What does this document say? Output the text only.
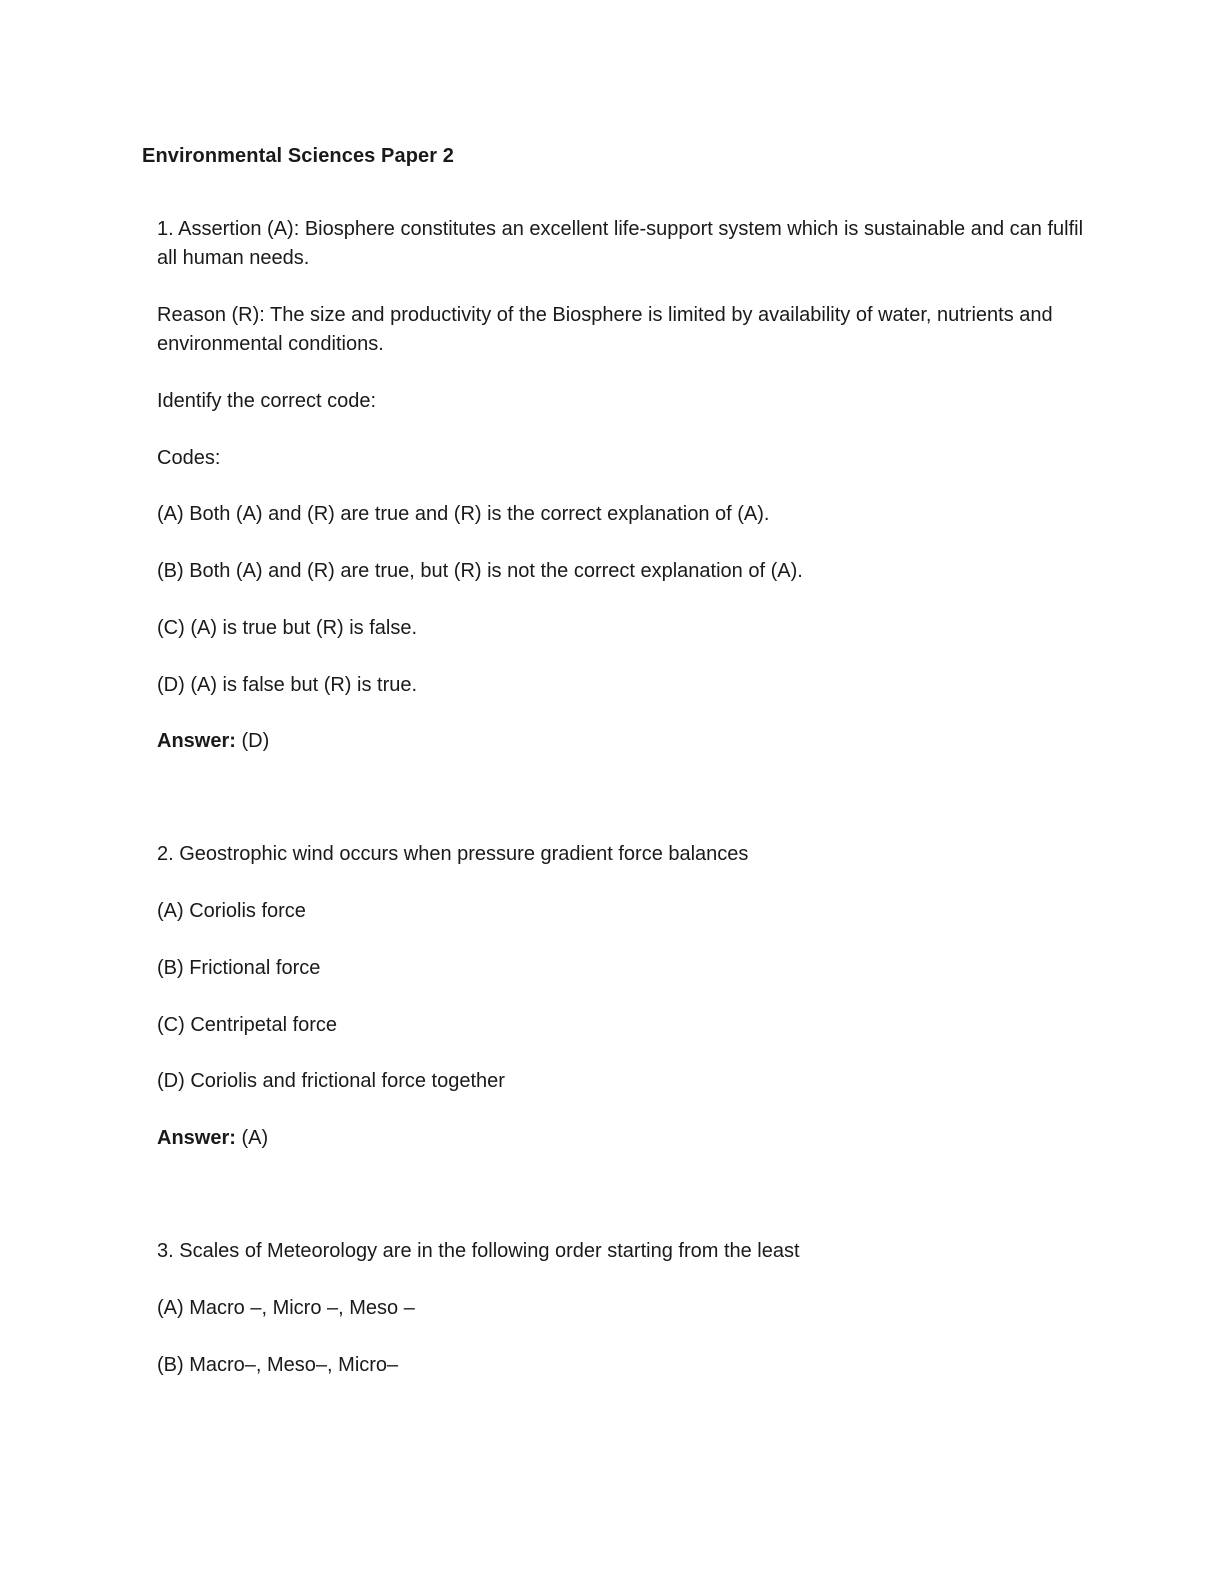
Environmental Sciences Paper 2
1. Assertion (A): Biosphere constitutes an excellent life-support system which is sustainable and can fulfil all human needs.
Reason (R): The size and productivity of the Biosphere is limited by availability of water, nutrients and environmental conditions.
Identify the correct code:
Codes:
(A) Both (A) and (R) are true and (R) is the correct explanation of (A).
(B) Both (A) and (R) are true, but (R) is not the correct explanation of (A).
(C) (A) is true but (R) is false.
(D) (A) is false but (R) is true.
Answer: (D)
2. Geostrophic wind occurs when pressure gradient force balances
(A) Coriolis force
(B) Frictional force
(C) Centripetal force
(D) Coriolis and frictional force together
Answer: (A)
3. Scales of Meteorology are in the following order starting from the least
(A) Macro –, Micro –, Meso –
(B) Macro–, Meso–, Micro–
